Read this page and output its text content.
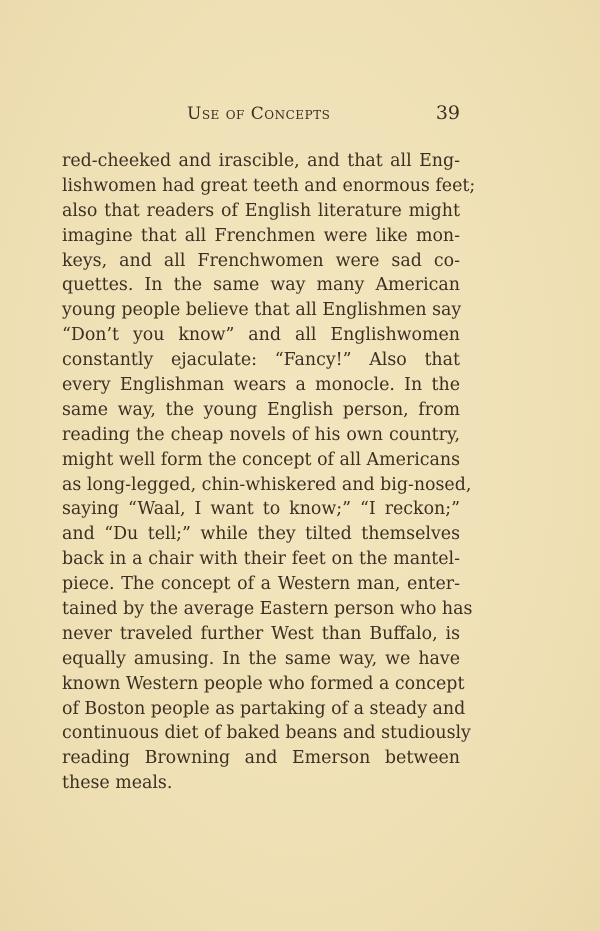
Use of Concepts	39
red-cheeked and irascible, and that all Eng-
lishwomen had great teeth and enormous feet;
also that readers of English literature might
imagine that all Frenchmen were like mon-
keys, and all Frenchwomen were sad co-
quettes. In the same way many American
young people believe that all Englishmen say
“Don’t you know” and all Englishwomen
constantly ejaculate: “Fancy!” Also that
every Englishman wears a monocle. In the
same way, the young English person, from
reading the cheap novels of his own country,
might well form the concept of all Americans
as long-legged, chin-whiskered and big-nosed,
saying “Waal, I want to know;” “I reckon;”
and “Du tell;” while they tilted themselves
back in a chair with their feet on the mantel-
piece. The concept of a Western man, enter-
tained by the average Eastern person who has
never traveled further West than Buffalo, is
equally amusing. In the same way, we have
known Western people who formed a concept
of Boston people as partaking of a steady and
continuous diet of baked beans and studiously
reading Browning and Emerson between
these meals.
